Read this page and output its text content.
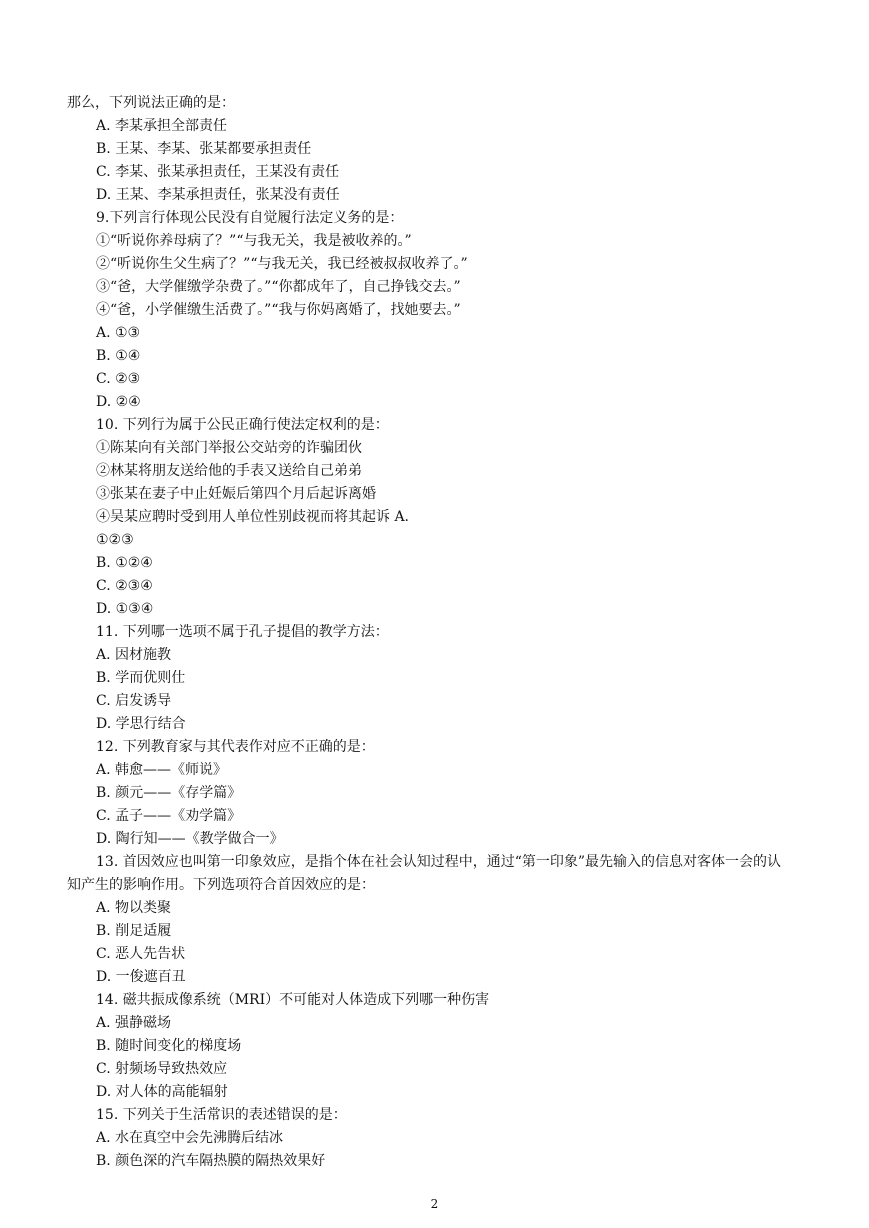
那么，下列说法正确的是：
A. 李某承担全部责任
B. 王某、李某、张某都要承担责任
C. 李某、张某承担责任，王某没有责任
D. 王某、李某承担责任，张某没有责任
9.下列言行体现公民没有自觉履行法定义务的是：
①“听说你养母病了？”“与我无关，我是被收养的。”
②“听说你生父生病了？”“与我无关，我已经被叔叔收养了。”
③“爸，大学催缴学杂费了。”“你都成年了，自己挣钱交去。”
④“爸，小学催缴生活费了。”“我与你妈离婚了，找她要去。”
A. ①③
B. ①④
C. ②③
D. ②④
10. 下列行为属于公民正确行使法定权利的是：
①陈某向有关部门举报公交站旁的诈骗团伙
②林某将朋友送给他的手表又送给自己弟弟
③张某在妻子中止妊娠后第四个月后起诉离婚
④吴某应聘时受到用人单位性别歧视而将其起诉 A.
①②③
B. ①②④
C. ②③④
D. ①③④
11. 下列哪一选项不属于孔子提倡的教学方法：
A. 因材施教
B. 学而优则仕
C. 启发诱导
D. 学思行结合
12. 下列教育家与其代表作对应不正确的是：
A. 韩愈——《师说》
B. 颜元——《存学篇》
C. 孟子——《劝学篇》
D. 陶行知——《教学做合一》
13. 首因效应也叫第一印象效应，是指个体在社会认知过程中，通过“第一印象”最先输入的信息对客体一会的认
知产生的影响作用。下列选项符合首因效应的是：
A. 物以类聚
B. 削足适履
C. 恶人先告状
D. 一俊遮百丑
14. 磁共振成像系统（MRI）不可能对人体造成下列哪一种伤害
A. 强静磁场
B. 随时间变化的梯度场
C. 射频场导致热效应
D. 对人体的高能辐射
15. 下列关于生活常识的表述错误的是：
A. 水在真空中会先沸腾后结冰
B. 颜色深的汽车隔热膜的隔热效果好
2
